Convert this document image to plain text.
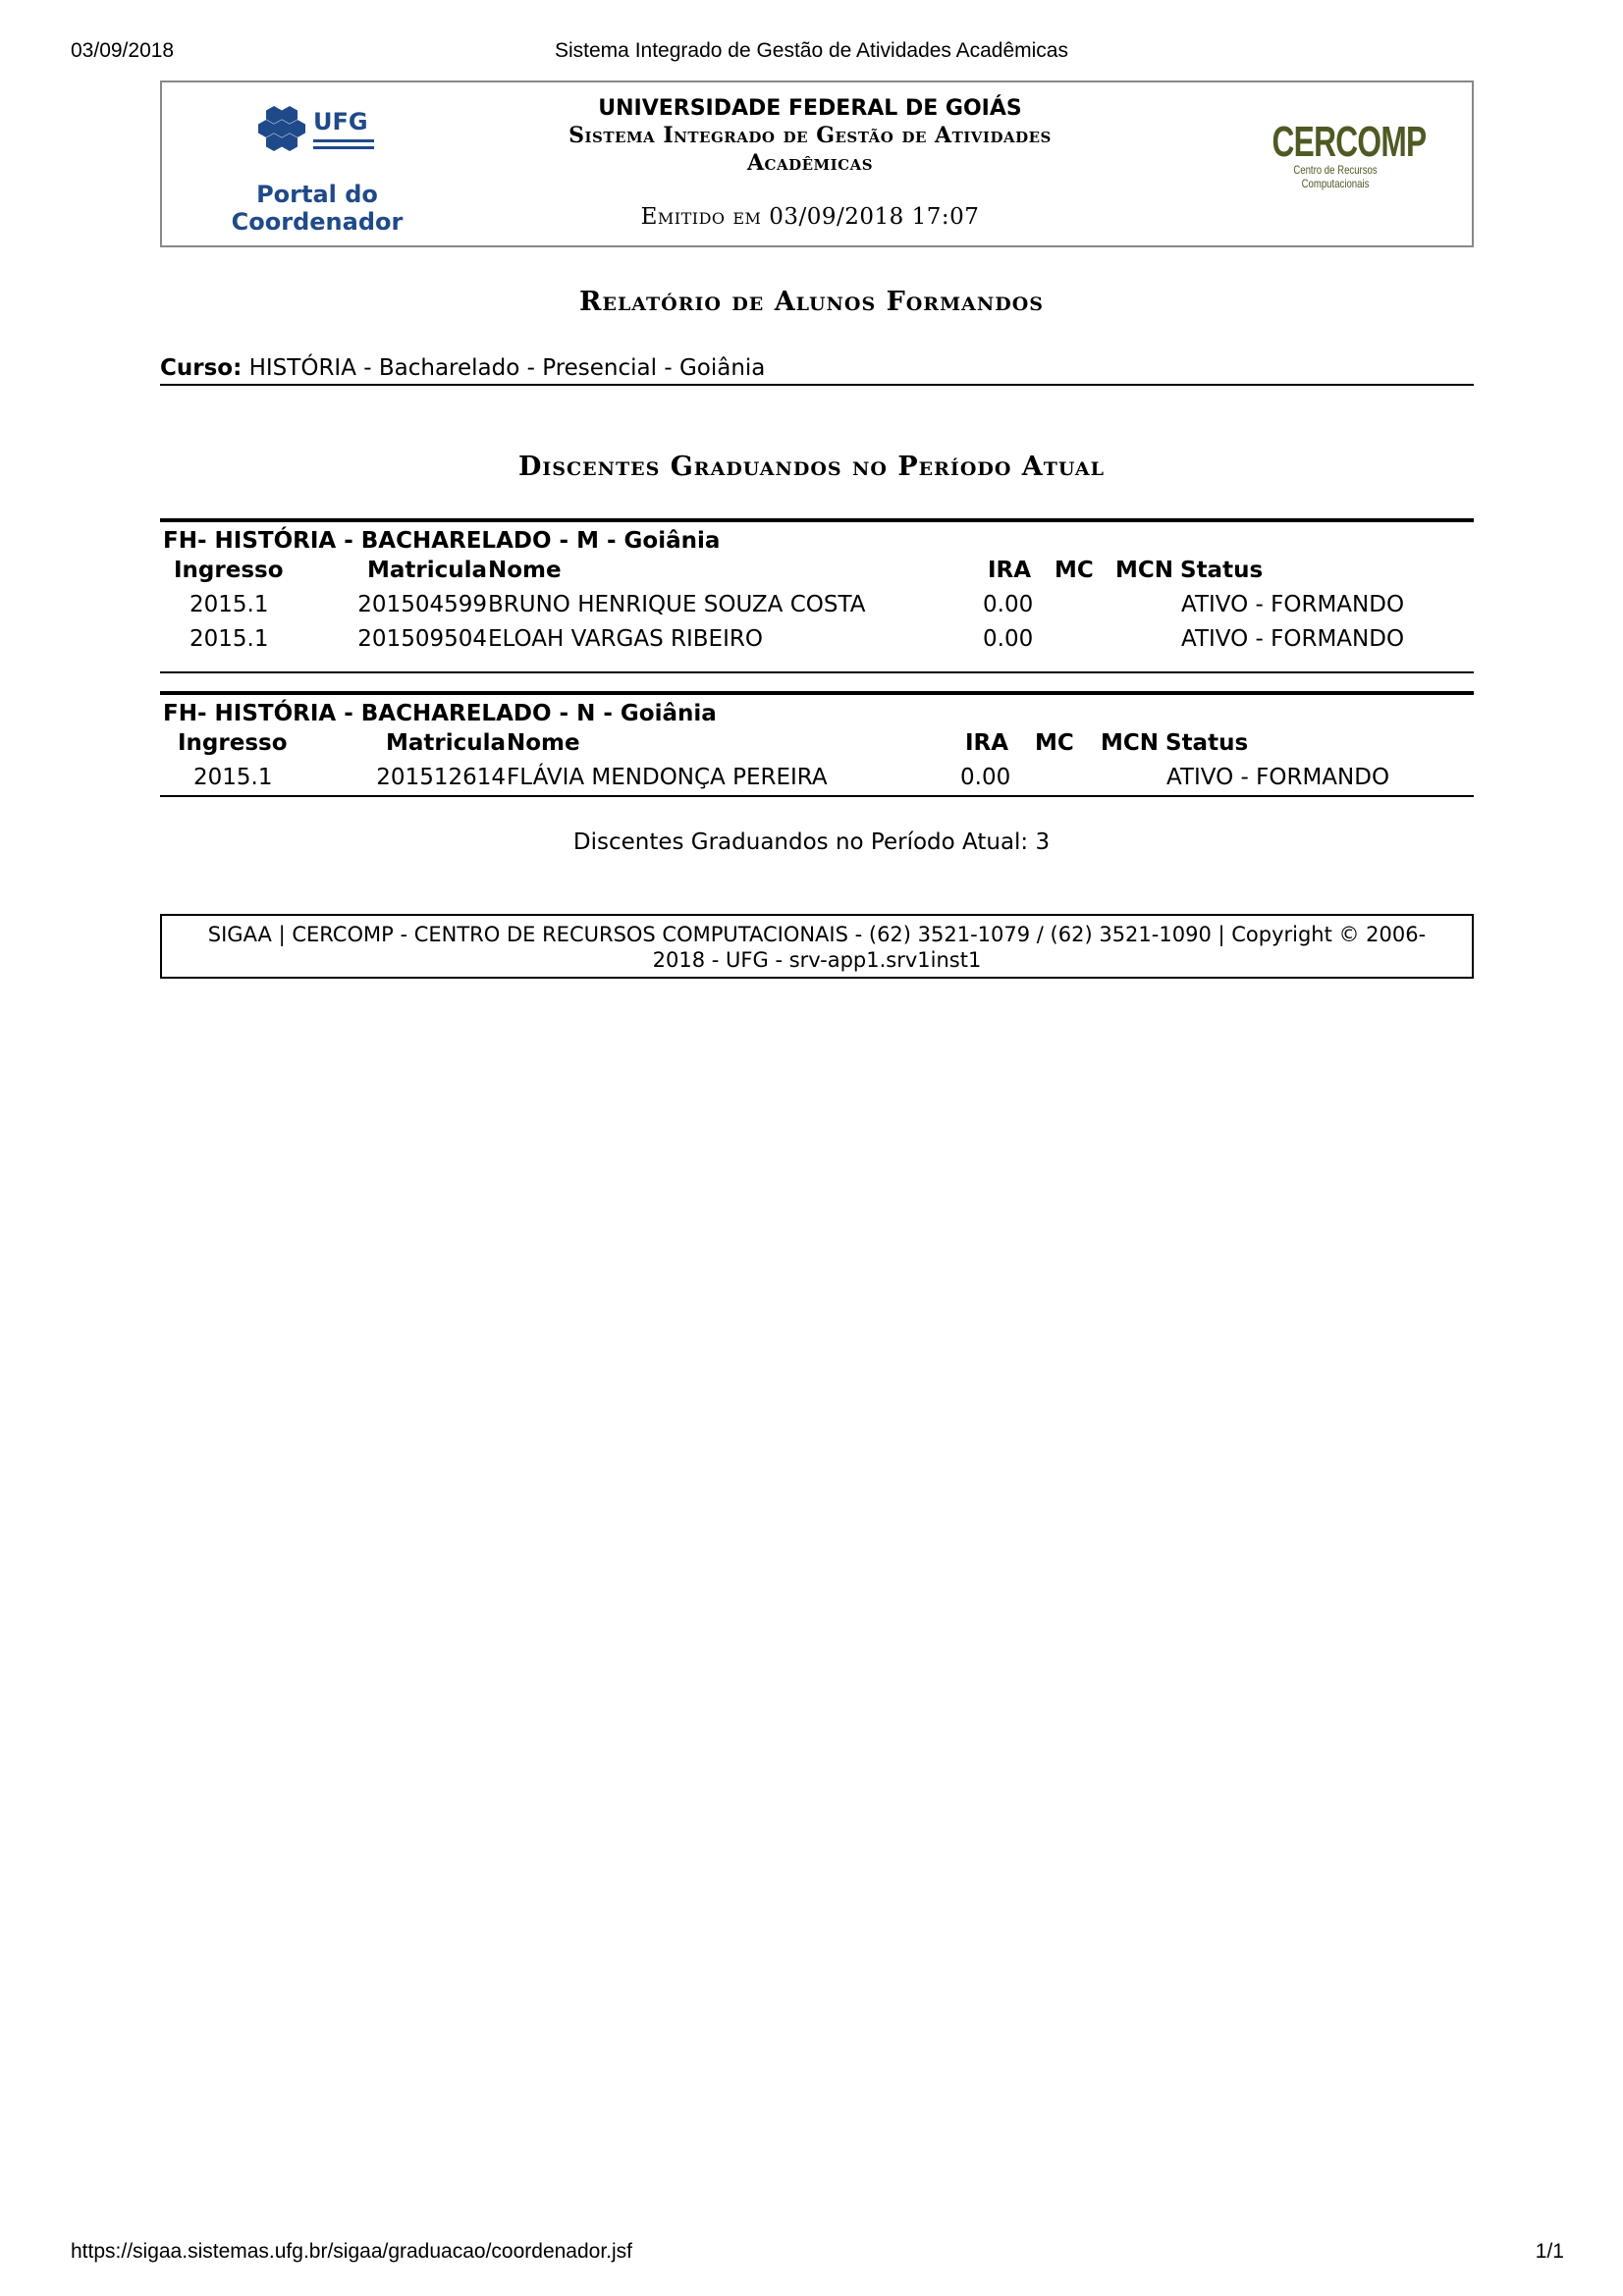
03/09/2018	Sistema Integrado de Gestão de Atividades Acadêmicas
UFG
Portal do
Coordenador
UNIVERSIDADE FEDERAL DE GOIÁS
Sistema Integrado de Gestão de Atividades
Acadêmicas
Emitido em 03/09/2018 17:07
CERCOMP
Centro de Recursos Computacionais
Relatório de Alunos Formandos
Curso: HISTÓRIA - Bacharelado - Presencial - Goiânia
Discentes Graduandos no Período Atual
FH- HISTÓRIA - BACHARELADO - M - Goiânia
Ingresso	Matricula Nome	IRA MC MCN Status
2015.1	201504599 BRUNO HENRIQUE SOUZA COSTA	0.00	ATIVO - FORMANDO
2015.1	201509504 ELOAH VARGAS RIBEIRO	0.00	ATIVO - FORMANDO
FH- HISTÓRIA - BACHARELADO - N - Goiânia
Ingresso	Matricula Nome	IRA MC MCN Status
2015.1	201512614 FLÁVIA MENDONÇA PEREIRA	0.00	ATIVO - FORMANDO
Discentes Graduandos no Período Atual: 3
SIGAA | CERCOMP - CENTRO DE RECURSOS COMPUTACIONAIS - (62) 3521-1079 / (62) 3521-1090 | Copyright © 2006-2018 - UFG - srv-app1.srv1inst1
https://sigaa.sistemas.ufg.br/sigaa/graduacao/coordenador.jsf	1/1
